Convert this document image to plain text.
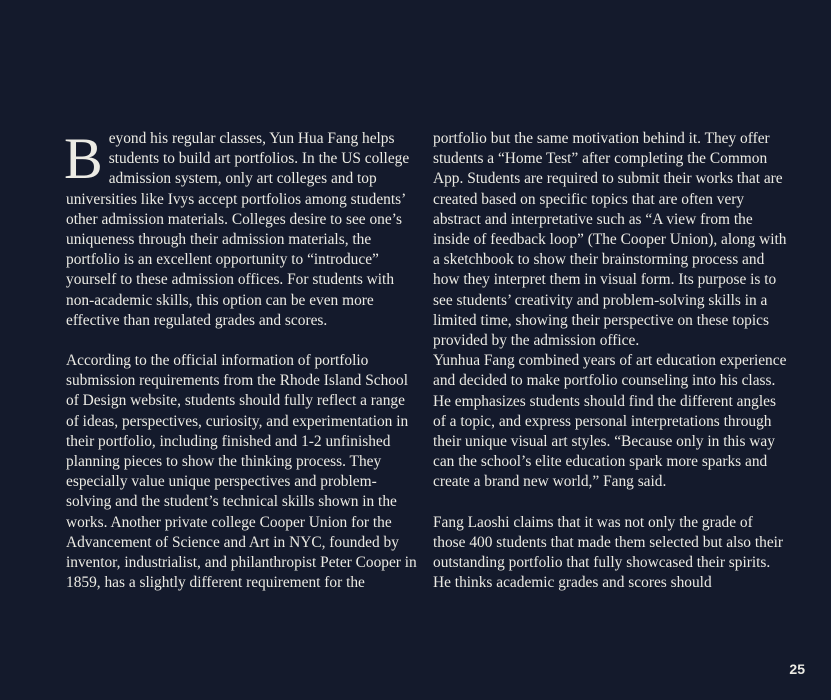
Beyond his regular classes, Yun Hua Fang helps students to build art portfolios. In the US college admission system, only art colleges and top universities like Ivys accept portfolios among students’ other admission materials. Colleges desire to see one’s uniqueness through their admission materials, the portfolio is an excellent opportunity to “introduce” yourself to these admission offices. For students with non-academic skills, this option can be even more effective than regulated grades and scores.

According to the official information of portfolio submission requirements from the Rhode Island School of Design website, students should fully reflect a range of ideas, perspectives, curiosity, and experimentation in their portfolio, including finished and 1-2 unfinished planning pieces to show the thinking process. They especially value unique perspectives and problem-solving and the student’s technical skills shown in the works. Another private college Cooper Union for the Advancement of Science and Art in NYC, founded by inventor, industrialist, and philanthropist Peter Cooper in 1859, has a slightly different requirement for the

portfolio but the same motivation behind it. They offer students a “Home Test” after completing the Common App. Students are required to submit their works that are created based on specific topics that are often very abstract and interpretative such as “A view from the inside of feedback loop” (The Cooper Union), along with a sketchbook to show their brainstorming process and how they interpret them in visual form. Its purpose is to see students’ creativity and problem-solving skills in a limited time, showing their perspective on these topics provided by the admission office.

Yunhua Fang combined years of art education experience and decided to make portfolio counseling into his class. He emphasizes students should find the different angles of a topic, and express personal interpretations through their unique visual art styles. “Because only in this way can the school’s elite education spark more sparks and create a brand new world,” Fang said.

Fang Laoshi claims that it was not only the grade of those 400 students that made them selected but also their outstanding portfolio that fully showcased their spirits. He thinks academic grades and scores should

25
